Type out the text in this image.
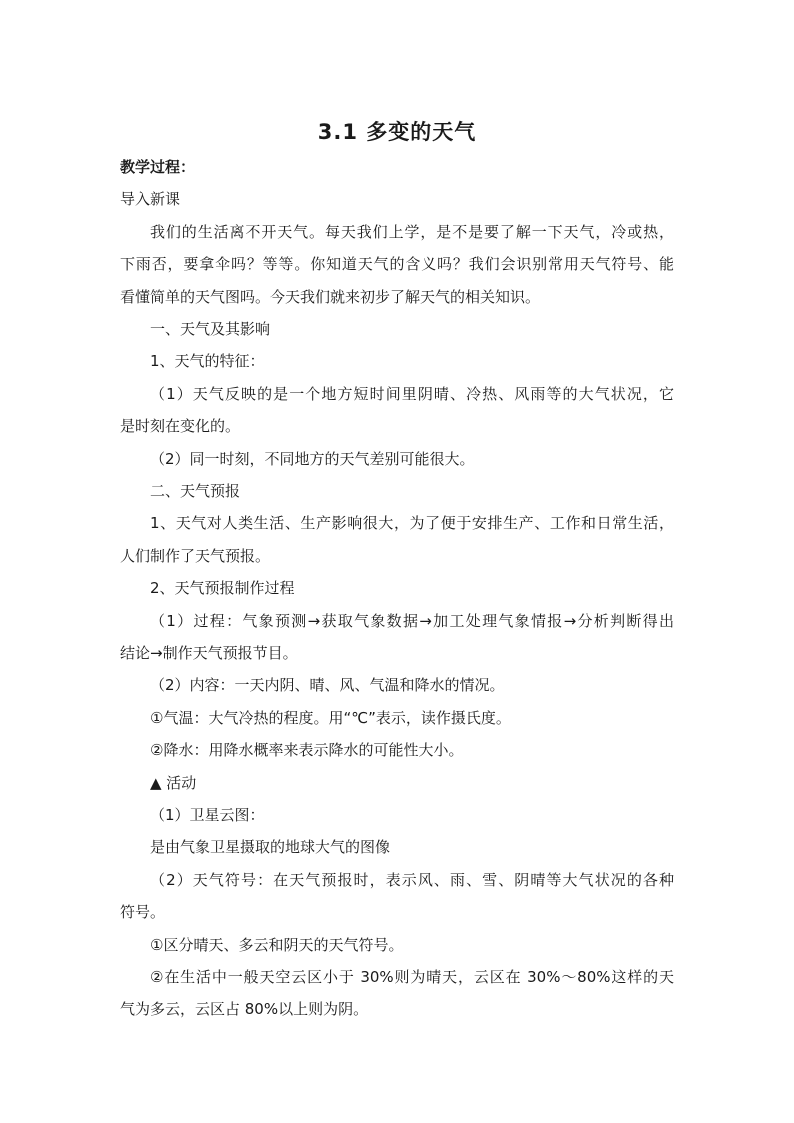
3.1 多变的天气
教学过程：
导入新课
我们的生活离不开天气。每天我们上学，是不是要了解一下天气，冷或热，
下雨否，要拿伞吗？等等。你知道天气的含义吗？我们会识别常用天气符号、能
看懂简单的天气图吗。今天我们就来初步了解天气的相关知识。
一、天气及其影响
1、天气的特征：
（1）天气反映的是一个地方短时间里阴晴、冷热、风雨等的大气状况，它
是时刻在变化的。
（2）同一时刻，不同地方的天气差别可能很大。
二、天气预报
1、天气对人类生活、生产影响很大，为了便于安排生产、工作和日常生活，
人们制作了天气预报。
2、天气预报制作过程
（1）过程：气象预测→获取气象数据→加工处理气象情报→分析判断得出
结论→制作天气预报节目。
（2）内容：一天内阴、晴、风、气温和降水的情况。
①气温：大气冷热的程度。用“℃”表示，读作摄氏度。
②降水：用降水概率来表示降水的可能性大小。
▲ 活动
（1）卫星云图：
是由气象卫星摄取的地球大气的图像
（2）天气符号：在天气预报时，表示风、雨、雪、阴晴等大气状况的各种
符号。
①区分晴天、多云和阴天的天气符号。
②在生活中一般天空云区小于 30%则为晴天，云区在 30%～80%这样的天
气为多云，云区占 80%以上则为阴。
